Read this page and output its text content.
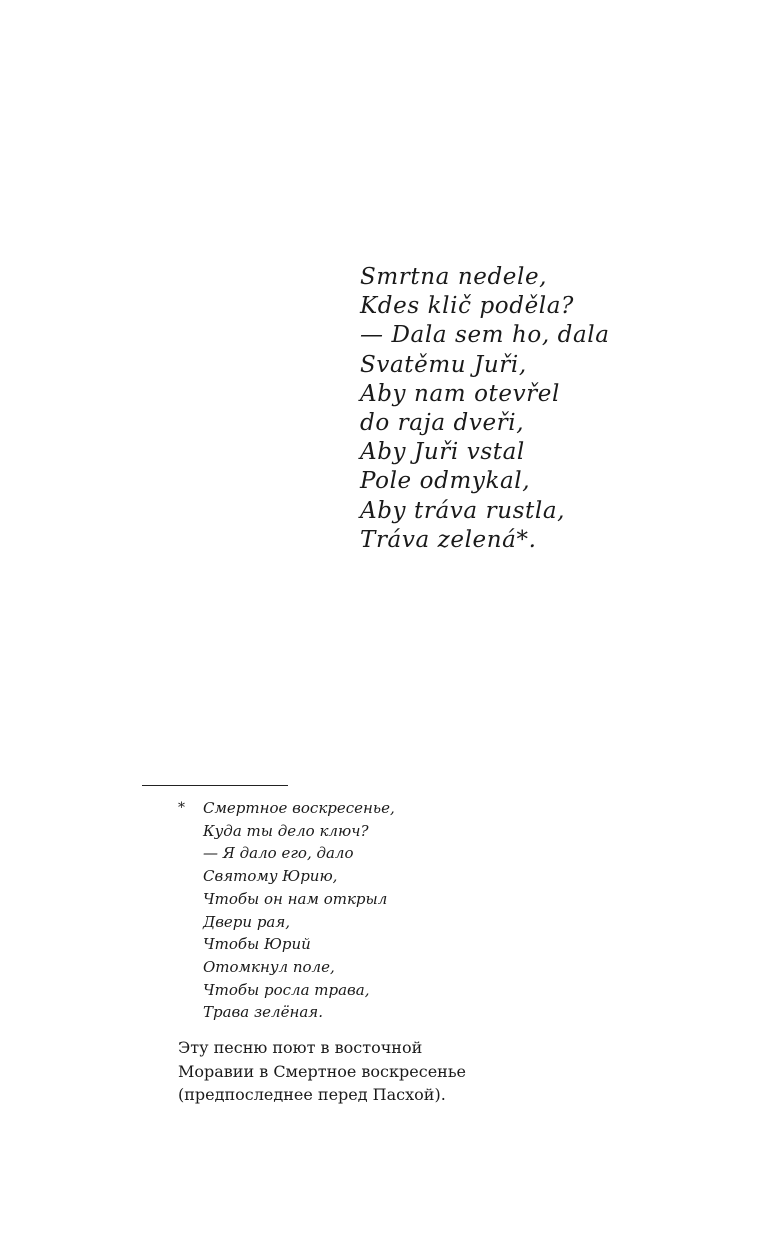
Smrtna nedele,
Kdes klič poděla?
— Dala sem ho, dala
Svatěmu Juři,
Aby nam otevřel
do raja dveři,
Aby Juři vstal
Pole odmykal,
Aby tráva rustla,
Tráva zelená*.
* Смертное воскресенье,
Куда ты дело ключ?
— Я дало его, дало
Святому Юрию,
Чтобы он нам открыл
Двери рая,
Чтобы Юрий
Отомкнул поле,
Чтобы росла трава,
Трава зелёная.
Эту песню поют в восточной
Моравии в Смертное воскресенье
(предпоследнее перед Пасхой).
